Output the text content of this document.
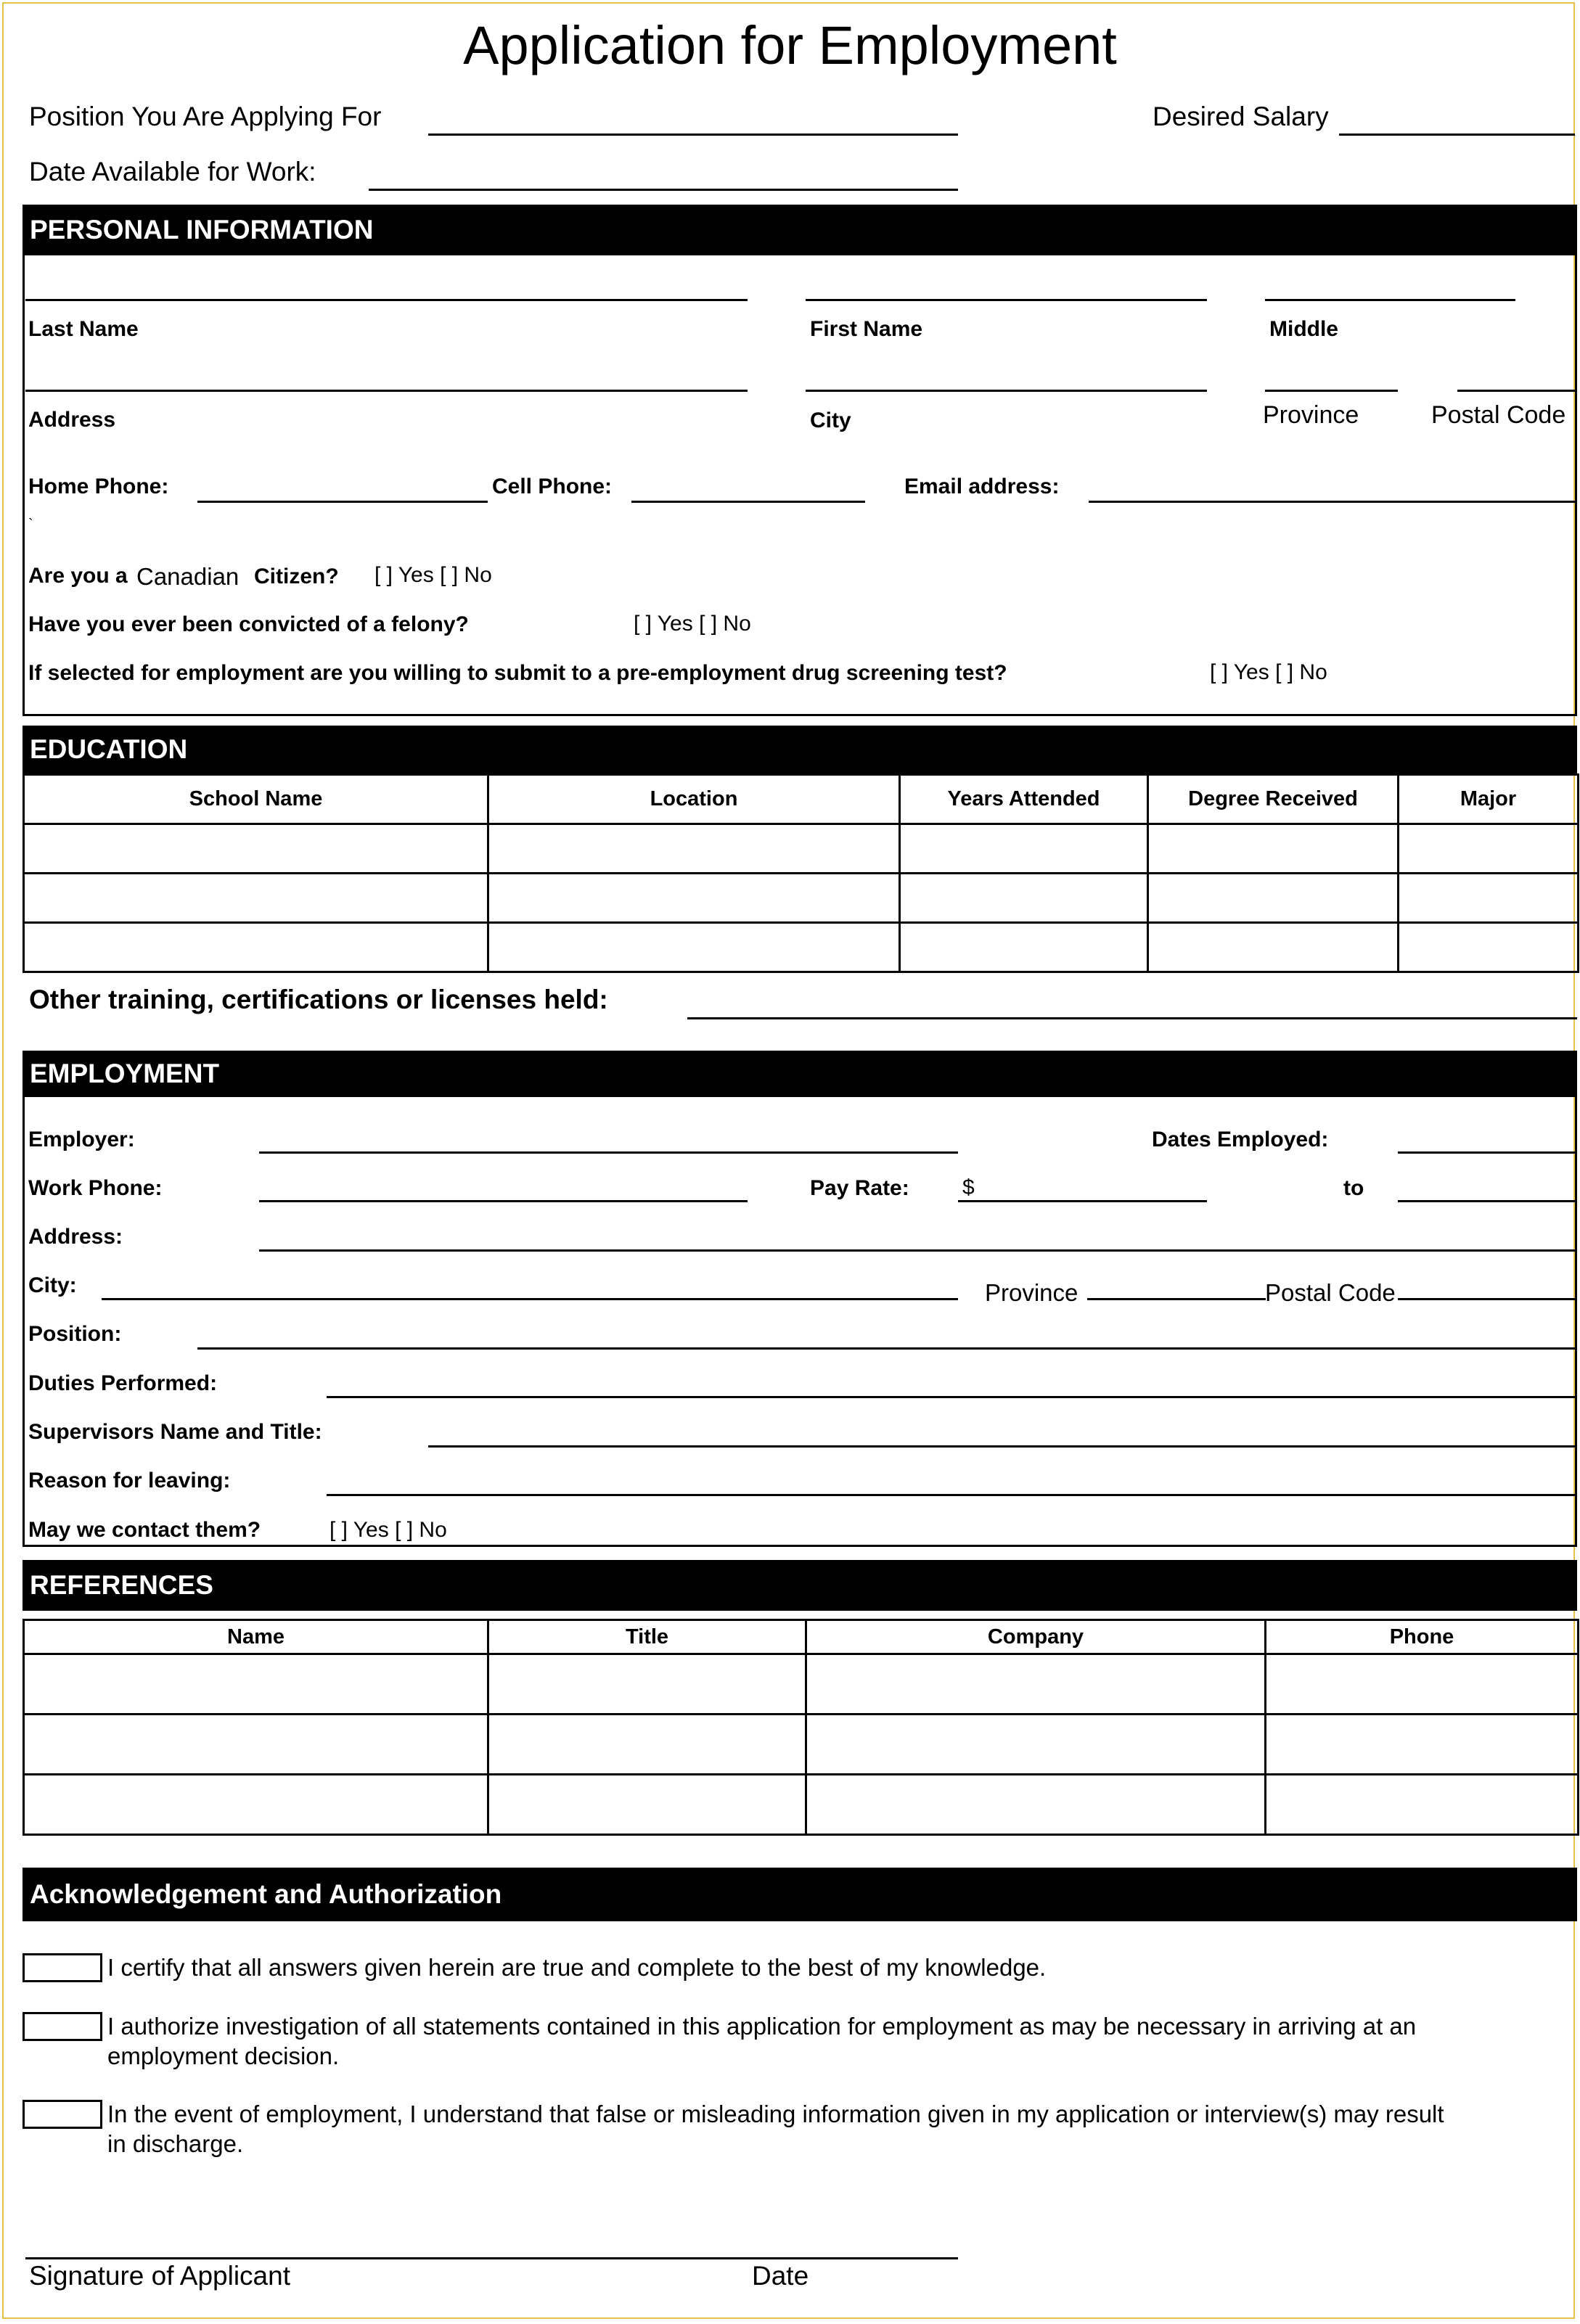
Application for Employment
Position You Are Applying For	Desired Salary
Date Available for Work:
PERSONAL INFORMATION
Last Name	First Name	Middle
Address	City	Province	Postal Code
Home Phone:	Cell Phone:	Email address:
`
Are you a Canadian Citizen? [ ] Yes [ ] No
Have you ever been convicted of a felony?	[ ] Yes [ ] No
If selected for employment are you willing to submit to a pre-employment drug screening test?	[ ] Yes [ ] No
EDUCATION
School Name	Location	Years Attended	Degree Received	Major

Other training, certifications or licenses held:
EMPLOYMENT
Employer:	Dates Employed:
Work Phone:	Pay Rate: $	to
Address:
City:	Province	Postal Code
Position:
Duties Performed:
Supervisors Name and Title:
Reason for leaving:
May we contact them?	[ ] Yes [ ] No
REFERENCES
Name	Title	Company	Phone

Acknowledgement and Authorization
I certify that all answers given herein are true and complete to the best of my knowledge.
I authorize investigation of all statements contained in this application for employment as may be necessary in arriving at an employment decision.
In the event of employment, I understand that false or misleading information given in my application or interview(s) may result in discharge.
Signature of Applicant	Date
